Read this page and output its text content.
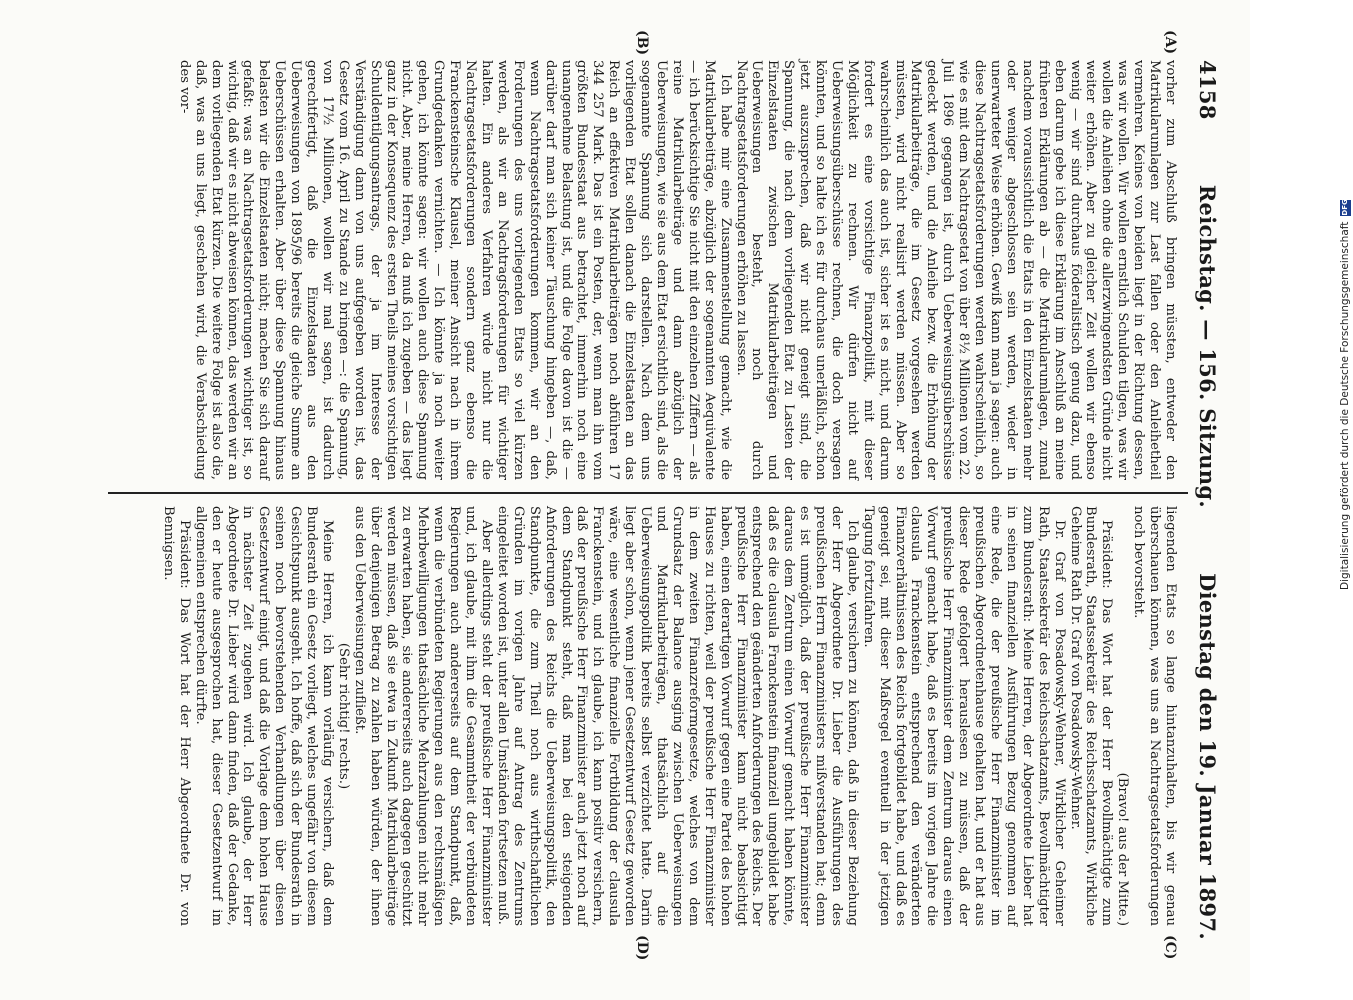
4158
Reichstag. — 156. Sitzung.
Dienstag den 19. Januar 1897.
(A)
(B)
(C)
(D)

vorher zum Abschluß bringen müssten, entweder den Matrikularumlagen zur Last fallen oder den Anleihetheil vermehren. Keines von beiden liegt in der Richtung dessen, was wir wollen. Wir wollen ernstlich Schulden tilgen, was wir wollen die Anleihen ohne die allerzwingendsten Gründe nicht weiter erhöhen. Aber zu gleicher Zeit wollen wir ebenso wenig — wir sind durchaus föderalistisch genug dazu, und eben darum gebe ich diese Erklärung im Anschluß an meine früheren Erklärungen ab — die Matrikularumlagen, zumal nachdem voraussichtlich die Etats in den Einzelstaaten mehr oder weniger abgeschlossen sein werden, wieder in unerwarteter Weise erhöhen. Gewiß kann man ja sagen: auch diese Nachtragsetatsforderungen werden wahrscheinlich, so wie es mit dem Nachtragsetat von über 8½ Millionen vom 22. Juli 1896 gegangen ist, durch Ueberweisungsüberschüsse gedeckt werden, und die Anleihe bezw. die Erhöhung der Matrikularbeiträge, die im Gesetz vorgesehen werden müssten, wird nicht realisirt werden müssen. Aber so wahrscheinlich das auch ist, sicher ist es nicht, und darum fordert es eine vorsichtige Finanzpolitik, mit dieser Möglichkeit zu rechnen. Wir dürfen nicht auf Ueberweisungsüberschüsse rechnen, die doch versagen könnten, und so halte ich es für durchaus unerläßlich, schon jetzt auszusprechen, daß wir nicht geneigt sind, die Spannung, die nach dem vorliegenden Etat zu Lasten der Einzelstaaten zwischen Matrikularbeiträgen und Ueberweisungen besteht, noch durch Nachtragsetatsforderungen erhöhen zu lassen.

Ich habe mir eine Zusammenstellung gemacht, wie die Matrikularbeiträge, abzüglich der sogenannten Aequivalente — ich berücksichtige Sie nicht mit den einzelnen Ziffern — als reine Matrikularbeiträge und dann abzüglich der Ueberweisungen, wie sie aus dem Etat ersichtlich sind, als die sogenannte Spannung sich darstellen. Nach dem uns vorliegenden Etat sollen danach die Einzelstaaten an das Reich an effektiven Matrikularbeiträgen noch abführen 17 344 257 Mark. Das ist ein Posten, der, wenn man ihn vom größten Bundesstaat aus betrachtet, immerhin noch eine unangenehme Belastung ist, und die Folge davon ist die — darüber darf man sich keiner Täuschung hingeben —, daß, wenn Nachtragsetatsforderungen kommen, wir an den Forderungen des uns vorliegenden Etats so viel kürzen werden, als wir an Nachtragsforderungen für wichtiger halten. Ein anderes Verfahren würde nicht nur die Nachtragsetatsforderungen sondern ganz ebenso die Franckensteinsche Klausel, meiner Ansicht nach in ihrem Grundgedanken vernichten. — Ich könnte ja noch weiter gehen, ich könnte sagen: wir wollen auch diese Spannung nicht. Aber, meine Herren, da muß ich zugeben — das liegt ganz in der Konsequenz des ersten Theils meines vorsichtigen Schuldentilgungsantrags, der ja im Interesse der Verständigung dann von uns aufgegeben worden ist, das Gesetz vom 16. April zu Stande zu bringen —: die Spannung, von 17½ Millionen, wollen wir mal sagen, ist dadurch gerechtfertigt, daß die Einzelstaaten aus den Ueberweisungen von 1895/96 bereits die gleiche Summe an Ueberschüssen erhalten. Aber über diese Spannung hinaus belasten wir die Einzelstaaten nicht; machen Sie sich darauf gefaßt: was an Nachtragsetatsforderungen wichtiger ist, so wichtig, daß wir es nicht abweisen können, das werden wir an dem vorliegenden Etat kürzen. Die weitere Folge ist also die, daß, was an uns liegt, geschehen wird, die Verabschiedung des vor-

liegenden Etats so lange hintanzuhalten, bis wir genau überschauen können, was uns an Nachtragsetatsforderungen noch bevorsteht.

(Bravo! aus der Mitte.)

Präsident: Das Wort hat der Herr Bevollmächtigte zum Bundesrath, Staatssekretär des Reichsschatzamts, Wirkliche Geheime Rath Dr. Graf von Posadowsky-Wehner.

Dr. Graf von Posadowsky-Wehner, Wirklicher Geheimer Rath, Staatssekretär des Reichsschatzamts, Bevollmächtigter zum Bundesrath: Meine Herren, der Abgeordnete Lieber hat in seinen finanziellen Ausführungen Bezug genommen auf eine Rede, die der preußische Herr Finanzminister im preußischen Abgeordnetenhause gehalten hat, und er hat aus dieser Rede gefolgert herauslesen zu müssen, daß der preußische Herr Finanzminister dem Zentrum daraus einen Vorwurf gemacht habe, daß es bereits im vorigen Jahre die clausula Franckenstein entsprechend den veränderten Finanzverhältnissen des Reichs fortgebildet habe, und daß es geneigt sei, mit dieser Maßregel eventuell in der jetzigen Tagung fortzufahren.

Ich glaube, versichern zu können, daß in dieser Beziehung der Herr Abgeordnete Dr. Lieber die Ausführungen des preußischen Herrn Finanzministers mißverstanden hat; denn es ist unmöglich, daß der preußische Herr Finanzminister daraus dem Zentrum einen Vorwurf gemacht haben könnte, daß es die clausula Franckenstein finanziell umgebildet habe entsprechend den geänderten Anforderungen des Reichs. Der preußische Herr Finanzminister kann nicht beabsichtigt haben, einen derartigen Vorwurf gegen eine Partei des hohen Hauses zu richten, weil der preußische Herr Finanzminister in dem zweiten Finanzreformgesetze, welches von dem Grundsatz der Balance ausging zwischen Ueberweisungen und Matrikularbeiträgen, thatsächlich auf die Ueberweisungspolitik bereits selbst verzichtet hatte. Darin liegt aber schon, wenn jener Gesetzentwurf Gesetz geworden wäre, eine wesentliche finanzielle Fortbildung der clausula Franckenstein, und ich glaube, ich kann positiv versichern, daß der preußische Herr Finanzminister auch jetzt noch auf dem Standpunkt steht, daß man bei den steigenden Anforderungen des Reichs die Ueberweisungspolitik, den Standpunkte, die zum Theil noch aus wirthschaftlichen Gründen im vorigen Jahre auf Antrag des Zentrums eingeleitet worden ist, unter allen Umständen fortsetzen muß.

Aber allerdings steht der preußische Herr Finanzminister und, ich glaube, mit ihm die Gesammtheit der verbündeten Regierungen auch andererseits auf dem Standpunkt, daß, wenn die verbündeten Regierungen aus den rechtsmäßigen Mehrbewilligungen thatsächliche Mehrzahlungen nicht mehr zu erwarten haben, sie andererseits auch dagegen geschützt werden müssen, daß sie etwa in Zukunft Matrikularbeiträge über denjenigen Betrag zu zahlen haben würden, der ihnen aus den Ueberweisungen zufließt.

(Sehr richtig! rechts.)

Meine Herren, ich kann vorläufig versichern, daß dem Bundesrath ein Gesetz vorliegt, welches ungefähr von diesem Gesichtspunkt ausgeht. Ich hoffe, daß sich der Bundesrath in seinen noch bevorstehenden Verhandlungen über diesen Gesetzentwurf einigt, und daß die Vorlage dem hohen Hause in nächster Zeit zugehen wird. Ich glaube, der Herr Abgeordnete Dr. Lieber wird dann finden, daß der Gedanke, den er heute ausgesprochen hat, dieser Gesetzentwurf im allgemeinen entsprechen dürfte.

Präsident: Das Wort hat der Herr Abgeordnete Dr. von Bennigsen.	Digitalisierung gefördert durch die Deutsche Forschungsgemeinschaft
DFG
